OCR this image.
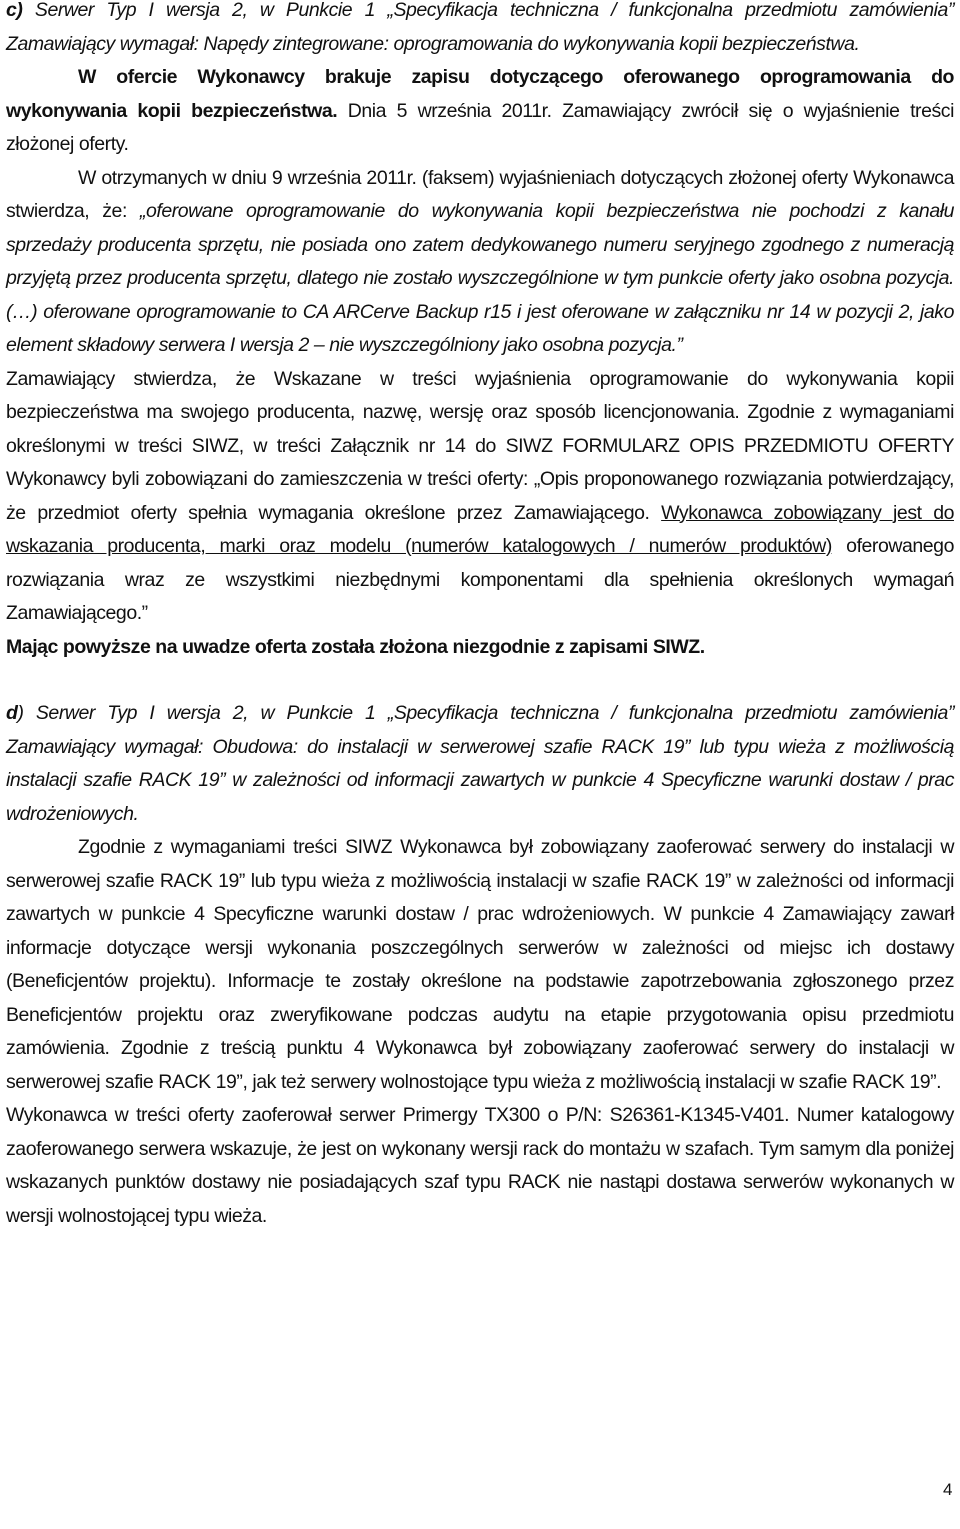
c) Serwer Typ I wersja 2, w Punkcie 1 „Specyfikacja techniczna / funkcjonalna przedmiotu zamówienia” Zamawiający wymagał: Napędy zintegrowane: oprogramowania do wykonywania kopii bezpieczeństwa.

W ofercie Wykonawcy brakuje zapisu dotyczącego oferowanego oprogramowania do wykonywania kopii bezpieczeństwa. Dnia 5 września 2011r. Zamawiający zwrócił się o wyjaśnienie treści złożonej oferty.

W otrzymanych w dniu 9 września 2011r. (faksem) wyjaśnieniach dotyczących złożonej oferty Wykonawca stwierdza, że: „oferowane oprogramowanie do wykonywania kopii bezpieczeństwa nie pochodzi z kanału sprzedaży producenta sprzętu, nie posiada ono zatem dedykowanego numeru seryjnego zgodnego z numeracją przyjętą przez producenta sprzętu, dlatego nie zostało wyszczególnione w tym punkcie oferty jako osobna pozycja. (…) oferowane oprogramowanie to CA ARCerve Backup r15 i jest oferowane w załączniku nr 14 w pozycji 2, jako element składowy serwera I wersja 2 – nie wyszczególniony jako osobna pozycja.”

Zamawiający stwierdza, że Wskazane w treści wyjaśnienia oprogramowanie do wykonywania kopii bezpieczeństwa ma swojego producenta, nazwę, wersję oraz sposób licencjonowania. Zgodnie z wymaganiami określonymi w treści SIWZ, w treści Załącznik nr 14 do SIWZ FORMULARZ OPIS PRZEDMIOTU OFERTY Wykonawcy byli zobowiązani do zamieszczenia w treści oferty: „Opis proponowanego rozwiązania potwierdzający, że przedmiot oferty spełnia wymagania określone przez Zamawiającego. Wykonawca zobowiązany jest do wskazania producenta, marki oraz modelu (numerów katalogowych / numerów produktów) oferowanego rozwiązania wraz ze wszystkimi niezbędnymi komponentami dla spełnienia określonych wymagań Zamawiającego.”

Mając powyższe na uwadze oferta została złożona niezgodnie z zapisami SIWZ.

d) Serwer Typ I wersja 2, w Punkcie 1 „Specyfikacja techniczna / funkcjonalna przedmiotu zamówienia” Zamawiający wymagał: Obudowa: do instalacji w serwerowej szafie RACK 19” lub typu wieża z możliwością instalacji szafie RACK 19” w zależności od informacji zawartych w punkcie 4 Specyficzne warunki dostaw / prac wdrożeniowych.

Zgodnie z wymaganiami treści SIWZ Wykonawca był zobowiązany zaoferować serwery do instalacji w serwerowej szafie RACK 19” lub typu wieża z możliwością instalacji w szafie RACK 19” w zależności od informacji zawartych w punkcie 4 Specyficzne warunki dostaw / prac wdrożeniowych. W punkcie 4 Zamawiający zawarł informacje dotyczące wersji wykonania poszczególnych serwerów w zależności od miejsc ich dostawy (Beneficjentów projektu). Informacje te zostały określone na podstawie zapotrzebowania zgłoszonego przez Beneficjentów projektu oraz zweryfikowane podczas audytu na etapie przygotowania opisu przedmiotu zamówienia. Zgodnie z treścią punktu 4 Wykonawca był zobowiązany zaoferować serwery do instalacji w serwerowej szafie RACK 19”, jak też serwery wolnostojące typu wieża z możliwością instalacji w szafie RACK 19”.

Wykonawca w treści oferty zaoferował serwer Primergy TX300 o P/N: S26361-K1345-V401. Numer katalogowy zaoferowanego serwera wskazuje, że jest on wykonany wersji rack do montażu w szafach. Tym samym dla poniżej wskazanych punktów dostawy nie posiadających szaf typu RACK nie nastąpi dostawa serwerów wykonanych w wersji wolnostojącej typu wieża.

4
